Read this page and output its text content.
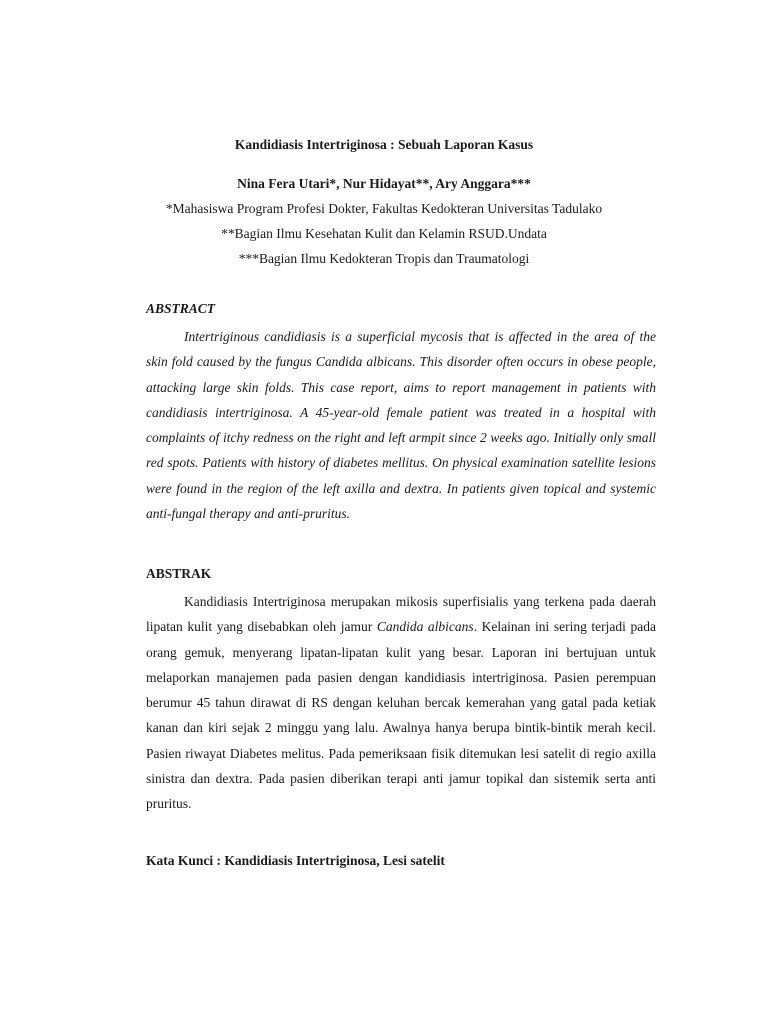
Kandidiasis Intertriginosa : Sebuah Laporan Kasus
Nina Fera Utari*, Nur Hidayat**, Ary Anggara***
*Mahasiswa Program Profesi Dokter, Fakultas Kedokteran Universitas Tadulako
**Bagian Ilmu Kesehatan Kulit dan Kelamin RSUD.Undata
***Bagian Ilmu Kedokteran Tropis dan Traumatologi
ABSTRACT
Intertriginous candidiasis is a superficial mycosis that is affected in the area of the skin fold caused by the fungus Candida albicans. This disorder often occurs in obese people, attacking large skin folds. This case report, aims to report management in patients with candidiasis intertriginosa. A 45-year-old female patient was treated in a hospital with complaints of itchy redness on the right and left armpit since 2 weeks ago. Initially only small red spots. Patients with history of diabetes mellitus. On physical examination satellite lesions were found in the region of the left axilla and dextra. In patients given topical and systemic anti-fungal therapy and anti-pruritus.
ABSTRAK
Kandidiasis Intertriginosa merupakan mikosis superfisialis yang terkena pada daerah lipatan kulit yang disebabkan oleh jamur Candida albicans. Kelainan ini sering terjadi pada orang gemuk, menyerang lipatan-lipatan kulit yang besar. Laporan ini bertujuan untuk melaporkan manajemen pada pasien dengan kandidiasis intertriginosa. Pasien perempuan berumur 45 tahun dirawat di RS dengan keluhan bercak kemerahan yang gatal pada ketiak kanan dan kiri sejak 2 minggu yang lalu. Awalnya hanya berupa bintik-bintik merah kecil. Pasien riwayat Diabetes melitus. Pada pemeriksaan fisik ditemukan lesi satelit di regio axilla sinistra dan dextra. Pada pasien diberikan terapi anti jamur topikal dan sistemik serta anti pruritus.
Kata Kunci : Kandidiasis Intertriginosa, Lesi satelit
